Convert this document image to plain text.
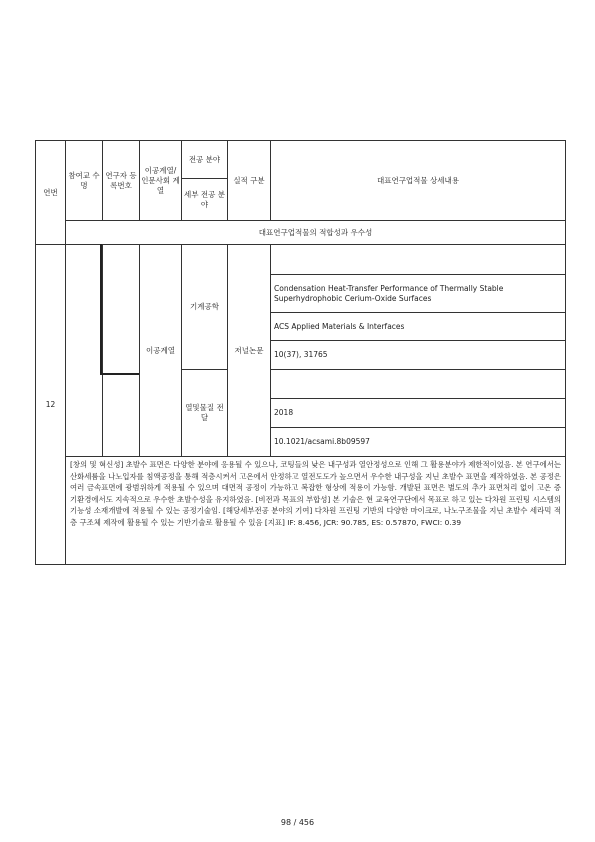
연번	참여교 수명	연구자 등록번호	이공계열/ 인문사회 계열	전공 분야	실적 구분	대표연구업적물 상세내용
				세부 전공 분야		
	대표연구업적물의 적합성과 우수성					
12			이공계열	기계공학	저널논문	
						Condensation Heat-Transfer Performance of Thermally Stable Superhydrophobic Cerium-Oxide Surfaces
						ACS Applied Materials & Interfaces
						10(37), 31765
				열및물질 전달		
						2018
						10.1021/acsami.8b09597
	[창의 및 혁신성] 초발수 표면은 다양한 분야에 응용될 수 있으나, 코팅들의 낮은 내구성과 열안정성으로 인해 그 활용분야가 제한적이었음. 본 연구에서는 산화세륨을 나노입자를 침액공정을 통해 적층시켜서 고온에서 안정하고 열전도도가 높으면서 우수한 내구성을 지닌 초발수 표면을 제작하였음. 본 공정은 여러 금속표면에 광범위하게 적용될 수 있으며 대면적 공정이 가능하고 복잡한 형상에 적용이 가능함. 개발된 표면은 별도의 추가 표면처리 없이 고온 증기환경에서도 지속적으로 우수한 초발수성을 유지하였음. [비전과 목표의 부합성] 본 기술은 현 교육연구단에서 목표로 하고 있는 다차원 프린팅 시스템의 기능성 소재개발에 적용될 수 있는 공정기술임. [해당세부전공 분야의 기여] 다차원 프린팅 기반의 다양한 마이크로, 나노구조물을 지닌 초발수 세라믹 적층 구조체 제작에 활용될 수 있는 기반기술로 활용될 수 있음 [지표] IF: 8.456, JCR: 90.785, ES: 0.57870, FWCI: 0.39					
98 / 456
